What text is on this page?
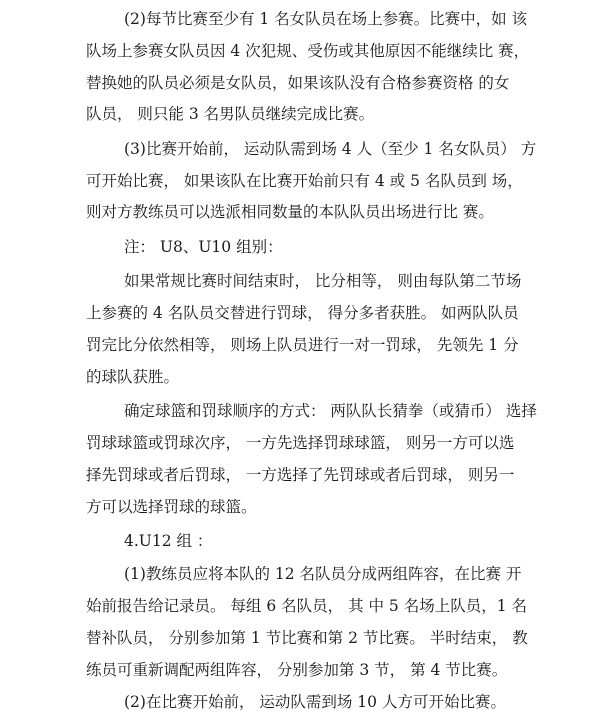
(2)每节比赛至少有 1 名女队员在场上参赛。比赛中，如 该
队场上参赛女队员因 4 次犯规、受伤或其他原因不能继续比 赛，
替换她的队员必须是女队员，如果该队没有合格参赛资格 的女
队员， 则只能 3 名男队员继续完成比赛。
(3)比赛开始前， 运动队需到场 4 人（至少 1 名女队员） 方
可开始比赛， 如果该队在比赛开始前只有 4 或 5 名队员到 场，
则对方教练员可以选派相同数量的本队队员出场进行比 赛。
注： U8、U10 组别：
如果常规比赛时间结束时， 比分相等， 则由每队第二节场
上参赛的 4 名队员交替进行罚球， 得分多者获胜。 如两队队员
罚完比分依然相等， 则场上队员进行一对一罚球， 先领先 1 分
的球队获胜。
确定球篮和罚球顺序的方式： 两队队长猜拳（或猜币） 选择
罚球球篮或罚球次序， 一方先选择罚球球篮， 则另一方可以选
择先罚球或者后罚球， 一方选择了先罚球或者后罚球， 则另一
方可以选择罚球的球篮。
4.U12 组 ：
(1)教练员应将本队的 12 名队员分成两组阵容，在比赛 开
始前报告给记录员。 每组 6 名队员， 其 中 5 名场上队员，1 名
替补队员， 分别参加第 1 节比赛和第 2 节比赛。 半时结束， 教
练员可重新调配两组阵容， 分别参加第 3 节， 第 4 节比赛。
(2)在比赛开始前， 运动队需到场 10 人方可开始比赛。
